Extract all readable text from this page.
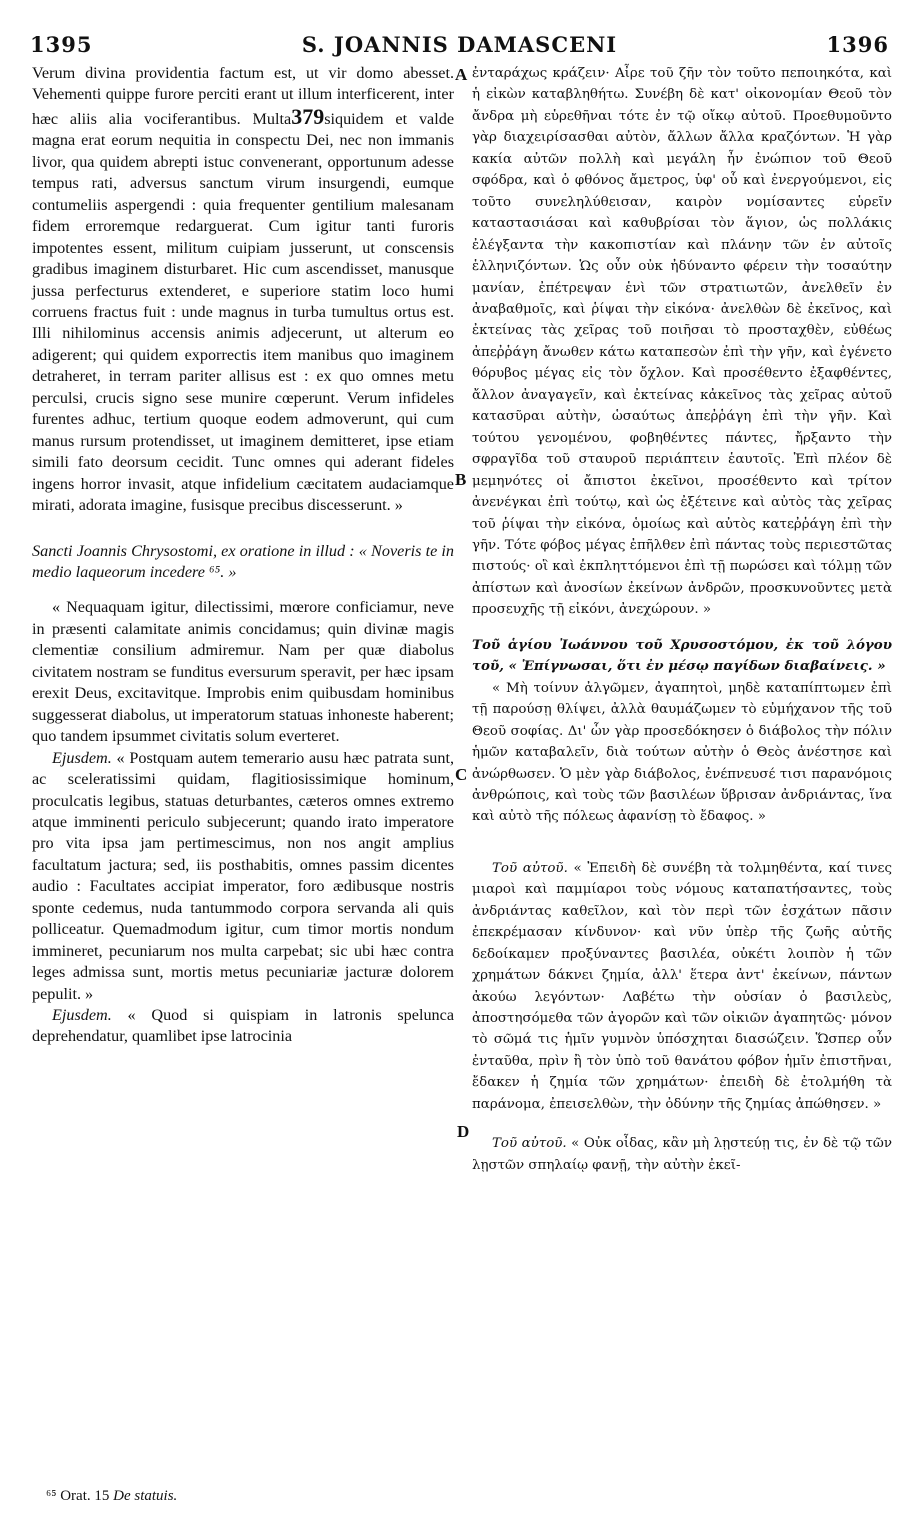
1395	S. JOANNIS DAMASCENI	1396
A
B
C
D

Verum divina providentia factum est, ut vir domo abesset. Vehementi quippe furore perciti erant ut illum interficerent, inter hæc aliis alia vociferantibus. Multa379siquidem et valde magna erat eorum nequitia in conspectu Dei, nec non immanis livor, qua quidem abrepti istuc convenerant, opportunum adesse tempus rati, adversus sanctum virum insurgendi, eumque contumeliis aspergendi : quia frequenter gentilium malesanam fidem erroremque redarguerat. Cum igitur tanti furoris impotentes essent, militum cuipiam jusserunt, ut conscensis gradibus imaginem disturbaret. Hic cum ascendisset, manusque jussa perfecturus extenderet, e superiore statim loco humi corruens fractus fuit : unde magnus in turba tumultus ortus est. Illi nihilominus accensis animis adjecerunt, ut alterum eo adigerent; qui quidem exporrectis item manibus quo imaginem detraheret, in terram pariter allisus est : ex quo omnes metu perculsi, crucis signo sese munire cœperunt. Verum infideles furentes adhuc, tertium quoque eodem admoverunt, qui cum manus rursum protendisset, ut imaginem demitteret, ipse etiam simili fato deorsum cecidit. Tunc omnes qui aderant fideles ingens horror invasit, atque infidelium cæcitatem audaciamque mirati, adorata imagine, fusisque precibus discesserunt. »

Sancti Joannis Chrysostomi, ex oratione in illud : « Noveris te in medio laqueorum incedere ⁶⁵. »

« Nequaquam igitur, dilectissimi, mœrore conficiamur, neve in præsenti calamitate animis concidamus; quin divinæ magis clementiæ consilium admiremur. Nam per quæ diabolus civitatem nostram se funditus eversurum speravit, per hæc ipsam erexit Deus, excitavitque. Improbis enim quibusdam hominibus suggesserat diabolus, ut imperatorum statuas inhoneste haberent; quo tandem ipsummet civitatis solum everteret.

Ejusdem. « Postquam autem temerario ausu hæc patrata sunt, ac sceleratissimi quidam, flagitiosissimique hominum, proculcatis legibus, statuas deturbantes, cæteros omnes extremo atque imminenti periculo subjecerunt; quando irato imperatore pro vita ipsa jam pertimescimus, non nos angit amplius facultatum jactura; sed, iis posthabitis, omnes passim dicentes audio : Facultates accipiat imperator, foro ædibusque nostris sponte cedemus, nuda tantummodo corpora servanda ali quis polliceatur. Quemadmodum igitur, cum timor mortis nondum immineret, pecuniarum nos multa carpebat; sic ubi hæc contra leges admissa sunt, mortis metus pecuniariæ jacturæ dolorem pepulit. »

Ejusdem. « Quod si quispiam in latronis speluncа deprehendatur, quamlibet ipse latrocinia

ἐνταράχως κράζειν· Αἶρε τοῦ ζῆν τὸν τοῦτο πεποιηκότα, καὶ ἡ εἰκὼν καταβληθήτω. Συνέβη δὲ κατ' οἰκονομίαν Θεοῦ τὸν ἄνδρα μὴ εὑρεθῆναι τότε ἐν τῷ οἴκῳ αὐτοῦ. Προεθυμοῦντο γὰρ διαχειρίσασθαι αὐτὸν, ἄλλων ἄλλα κραζόντων. Ἡ γὰρ κακία αὐτῶν πολλὴ καὶ μεγάλη ἦν ἐνώπιον τοῦ Θεοῦ σφόδρα, καὶ ὁ φθόνος ἄμετρος, ὑφ' οὗ καὶ ἐνεργούμενοι, εἰς τοῦτο συνεληλύθεισαν, καιρὸν νομίσαντες εὑρεῖν καταστασιάσαι καὶ καθυβρίσαι τὸν ἅγιον, ὡς πολλάκις ἐλέγξαντα τὴν κακοπιστίαν καὶ πλάνην τῶν ἐν αὐτοῖς ἑλληνιζόντων. Ὡς οὖν οὐκ ἠδύναντο φέρειν τὴν τοσαύτην μανίαν, ἐπέτρεψαν ἑνὶ τῶν στρατιωτῶν, ἀνελθεῖν ἐν ἀναβαθμοῖς, καὶ ῥίψαι τὴν εἰκόνα· ἀνελθὼν δὲ ἐκεῖνος, καὶ ἐκτείνας τὰς χεῖρας τοῦ ποιῆσαι τὸ προσταχθὲν, εὐθέως ἀπεῤῥάγη ἄνωθεν κάτω καταπεσὼν ἐπὶ τὴν γῆν, καὶ ἐγένετο θόρυβος μέγας εἰς τὸν ὄχλον. Καὶ προσέθεντο ἐξαφθέντες, ἄλλον ἀναγαγεῖν, καὶ ἐκτείνας κἀκεῖνος τὰς χεῖρας αὐτοῦ κατασῦραι αὐτὴν, ὡσαύτως ἀπεῤῥάγη ἐπὶ τὴν γῆν. Καὶ τούτου γενομένου, φοβηθέντες πάντες, ἤρξαντο τὴν σφραγῖδα τοῦ σταυροῦ περιάπτειν ἑαυτοῖς. Ἐπὶ πλέον δὲ μεμηνότες οἱ ἄπιστοι ἐκεῖνοι, προσέθεντο καὶ τρίτον ἀνενέγκαι ἐπὶ τούτῳ, καὶ ὡς ἐξέτεινε καὶ αὐτὸς τὰς χεῖρας τοῦ ῥίψαι τὴν εἰκόνα, ὁμοίως καὶ αὐτὸς κατεῤῥάγη ἐπὶ τὴν γῆν. Τότε φόβος μέγας ἐπῆλθεν ἐπὶ πάντας τοὺς περιεστῶτας πιστούς· οἳ καὶ ἐκπληττόμενοι ἐπὶ τῇ πωρώσει καὶ τόλμῃ τῶν ἀπίστων καὶ ἀνοσίων ἐκείνων ἀνδρῶν, προσκυνοῦντες μετὰ προσευχῆς τῇ εἰκόνι, ἀνεχώρουν. »

Τοῦ ἁγίου Ἰωάννου τοῦ Χρυσοστόμου, ἐκ τοῦ λόγου τοῦ, « Ἐπίγνωσαι, ὅτι ἐν μέσῳ παγίδων διαβαίνεις. »

« Μὴ τοίνυν ἀλγῶμεν, ἀγαπητοὶ, μηδὲ καταπίπτωμεν ἐπὶ τῇ παρούσῃ θλίψει, ἀλλὰ θαυμάζωμεν τὸ εὐμήχανον τῆς τοῦ Θεοῦ σοφίας. Δι' ὧν γὰρ προσεδόκησεν ὁ διάβολος τὴν πόλιν ἡμῶν καταβαλεῖν, διὰ τούτων αὐτὴν ὁ Θεὸς ἀνέστησε καὶ ἀνώρθωσεν. Ὁ μὲν γὰρ διάβολος, ἐνέπνευσέ τισι παρανόμοις ἀνθρώποις, καὶ τοὺς τῶν βασιλέων ὕβρισαν ἀνδριάντας, ἵνα καὶ αὐτὸ τῆς πόλεως ἀφανίσῃ τὸ ἔδαφος. »

Τοῦ αὐτοῦ. « Ἐπειδὴ δὲ συνέβη τὰ τολμηθέντα, καί τινες μιαροὶ καὶ παμμίαροι τοὺς νόμους καταπατήσαντες, τοὺς ἀνδριάντας καθεῖλον, καὶ τὸν περὶ τῶν ἐσχάτων πᾶσιν ἐπεκρέμασαν κίνδυνον· καὶ νῦν ὑπὲρ τῆς ζωῆς αὐτῆς δεδοίκαμεν προξύναντες βασιλέα, οὐκέτι λοιπὸν ἡ τῶν χρημάτων δάκνει ζημία, ἀλλ' ἕτερα ἀντ' ἐκείνων, πάντων ἀκούω λεγόντων· Λαβέτω τὴν οὐσίαν ὁ βασιλεὺς, ἀποστησόμεθα τῶν ἀγορῶν καὶ τῶν οἰκιῶν ἀγαπητῶς· μόνον τὸ σῶμά τις ἡμῖν γυμνὸν ὑπόσχηται διασώζειν. Ὥσπερ οὖν ἐνταῦθα, πρὶν ἢ τὸν ὑπὸ τοῦ θανάτου φόβον ἡμῖν ἐπιστῆναι, ἔδακεν ἡ ζημία τῶν χρημάτων· ἐπειδὴ δὲ ἐτολμήθη τὰ παράνομα, ἐπεισελθὼν, τὴν ὀδύνην τῆς ζημίας ἀπώθησεν. »

Τοῦ αὐτοῦ. « Οὐκ οἶδας, κἂν μὴ λῃστεύῃ τις, ἐν δὲ τῷ τῶν λῃστῶν σπηλαίῳ φανῇ, τὴν αὐτὴν ἐκεῖ-

⁶⁵ Orat. 15 De statuis.
